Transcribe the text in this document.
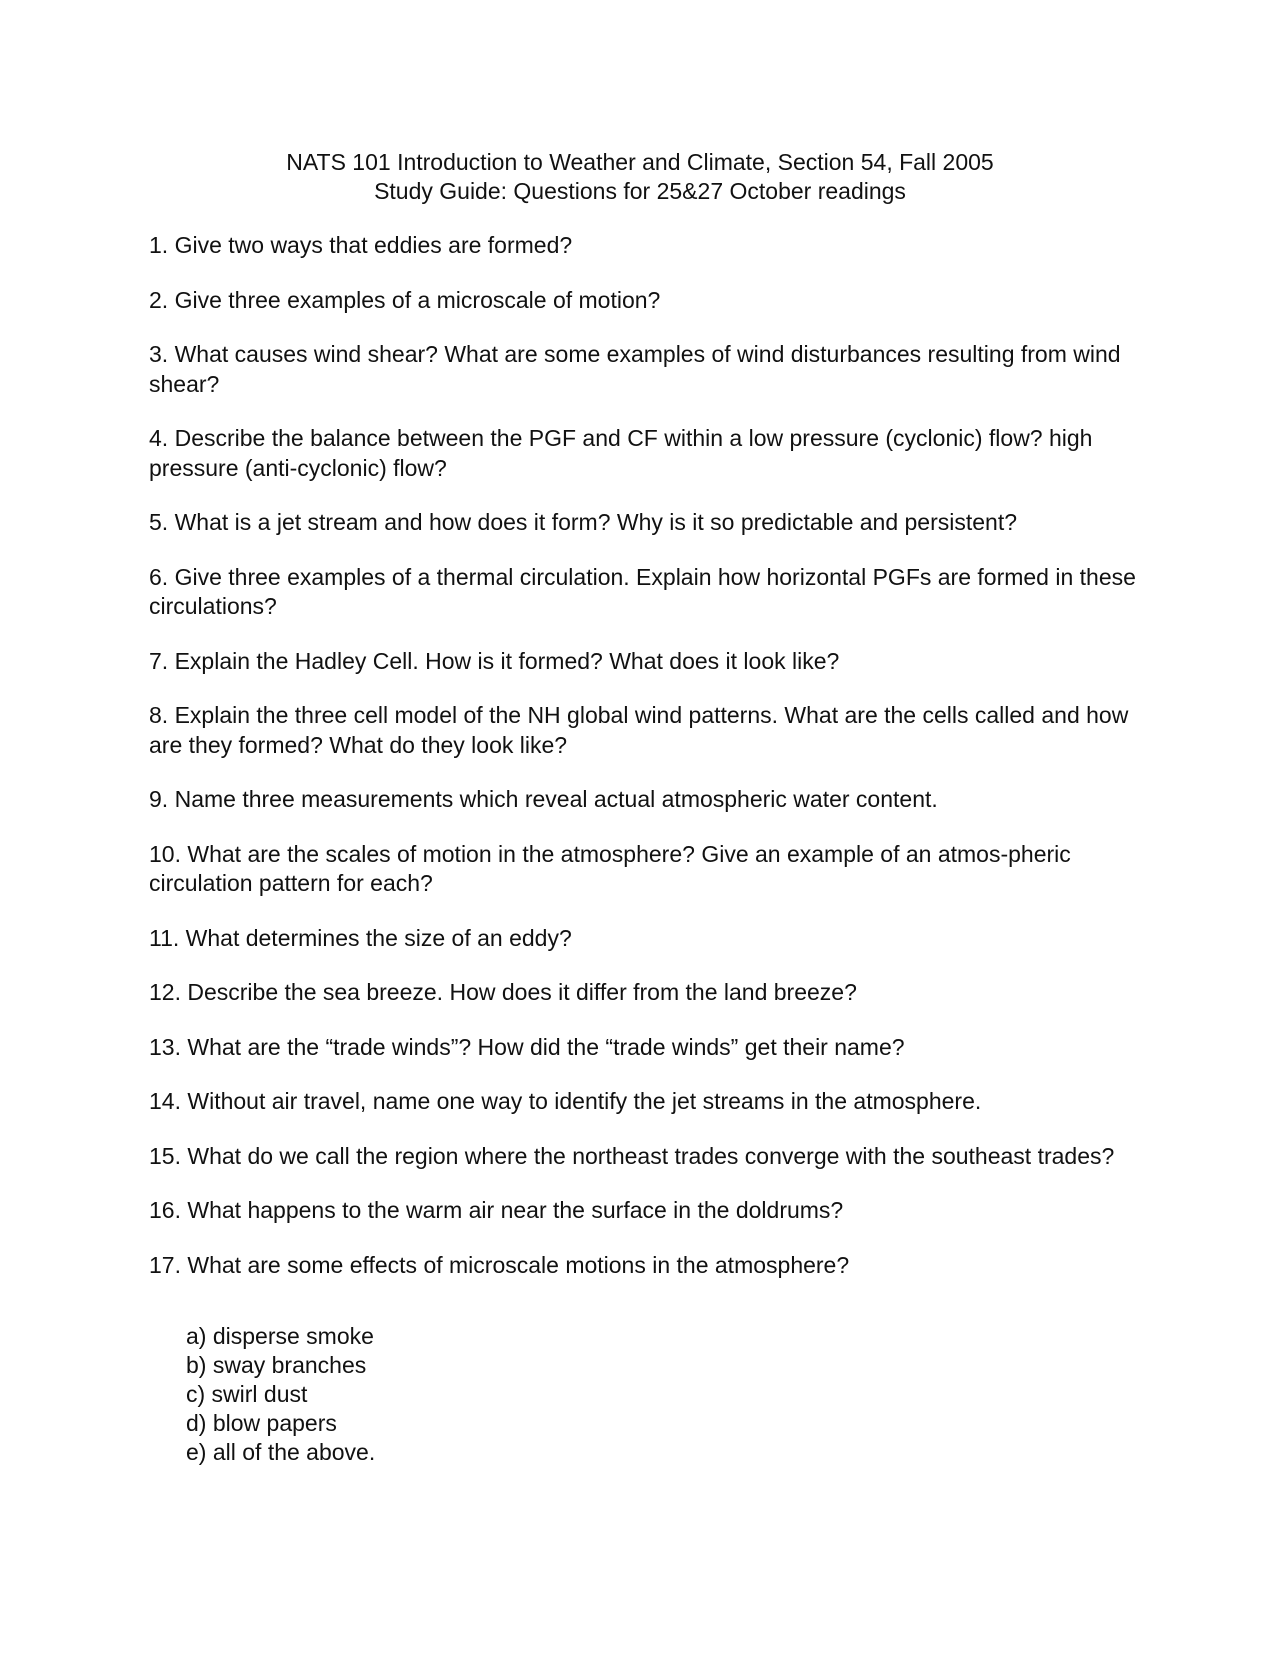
NATS 101 Introduction to Weather and Climate, Section 54, Fall 2005
Study Guide: Questions for 25&27 October readings
1. Give two ways that eddies are formed?
2. Give three examples of a microscale of motion?
3. What causes wind shear? What are some examples of wind disturbances resulting from wind shear?
4. Describe the balance between the PGF and CF within a low pressure (cyclonic) flow? high pressure (anti-cyclonic) flow?
5. What is a jet stream and how does it form? Why is it so predictable and persistent?
6. Give three examples of a thermal circulation. Explain how horizontal PGFs are formed in these circulations?
7. Explain the Hadley Cell. How is it formed? What does it look like?
8. Explain the three cell model of the NH global wind patterns. What are the cells called and how are they formed? What do they look like?
9. Name three measurements which reveal actual atmospheric water content.
10. What are the scales of motion in the atmosphere? Give an example of an atmos-pheric circulation pattern for each?
11. What determines the size of an eddy?
12. Describe the sea breeze. How does it differ from the land breeze?
13. What are the “trade winds”? How did the “trade winds” get their name?
14. Without air travel, name one way to identify the jet streams in the atmosphere.
15. What do we call the region where the northeast trades converge with the southeast trades?
16. What happens to the warm air near the surface in the doldrums?
17. What are some effects of microscale motions in the atmosphere?
a) disperse smoke
b) sway branches
c) swirl dust
d) blow papers
e) all of the above.
